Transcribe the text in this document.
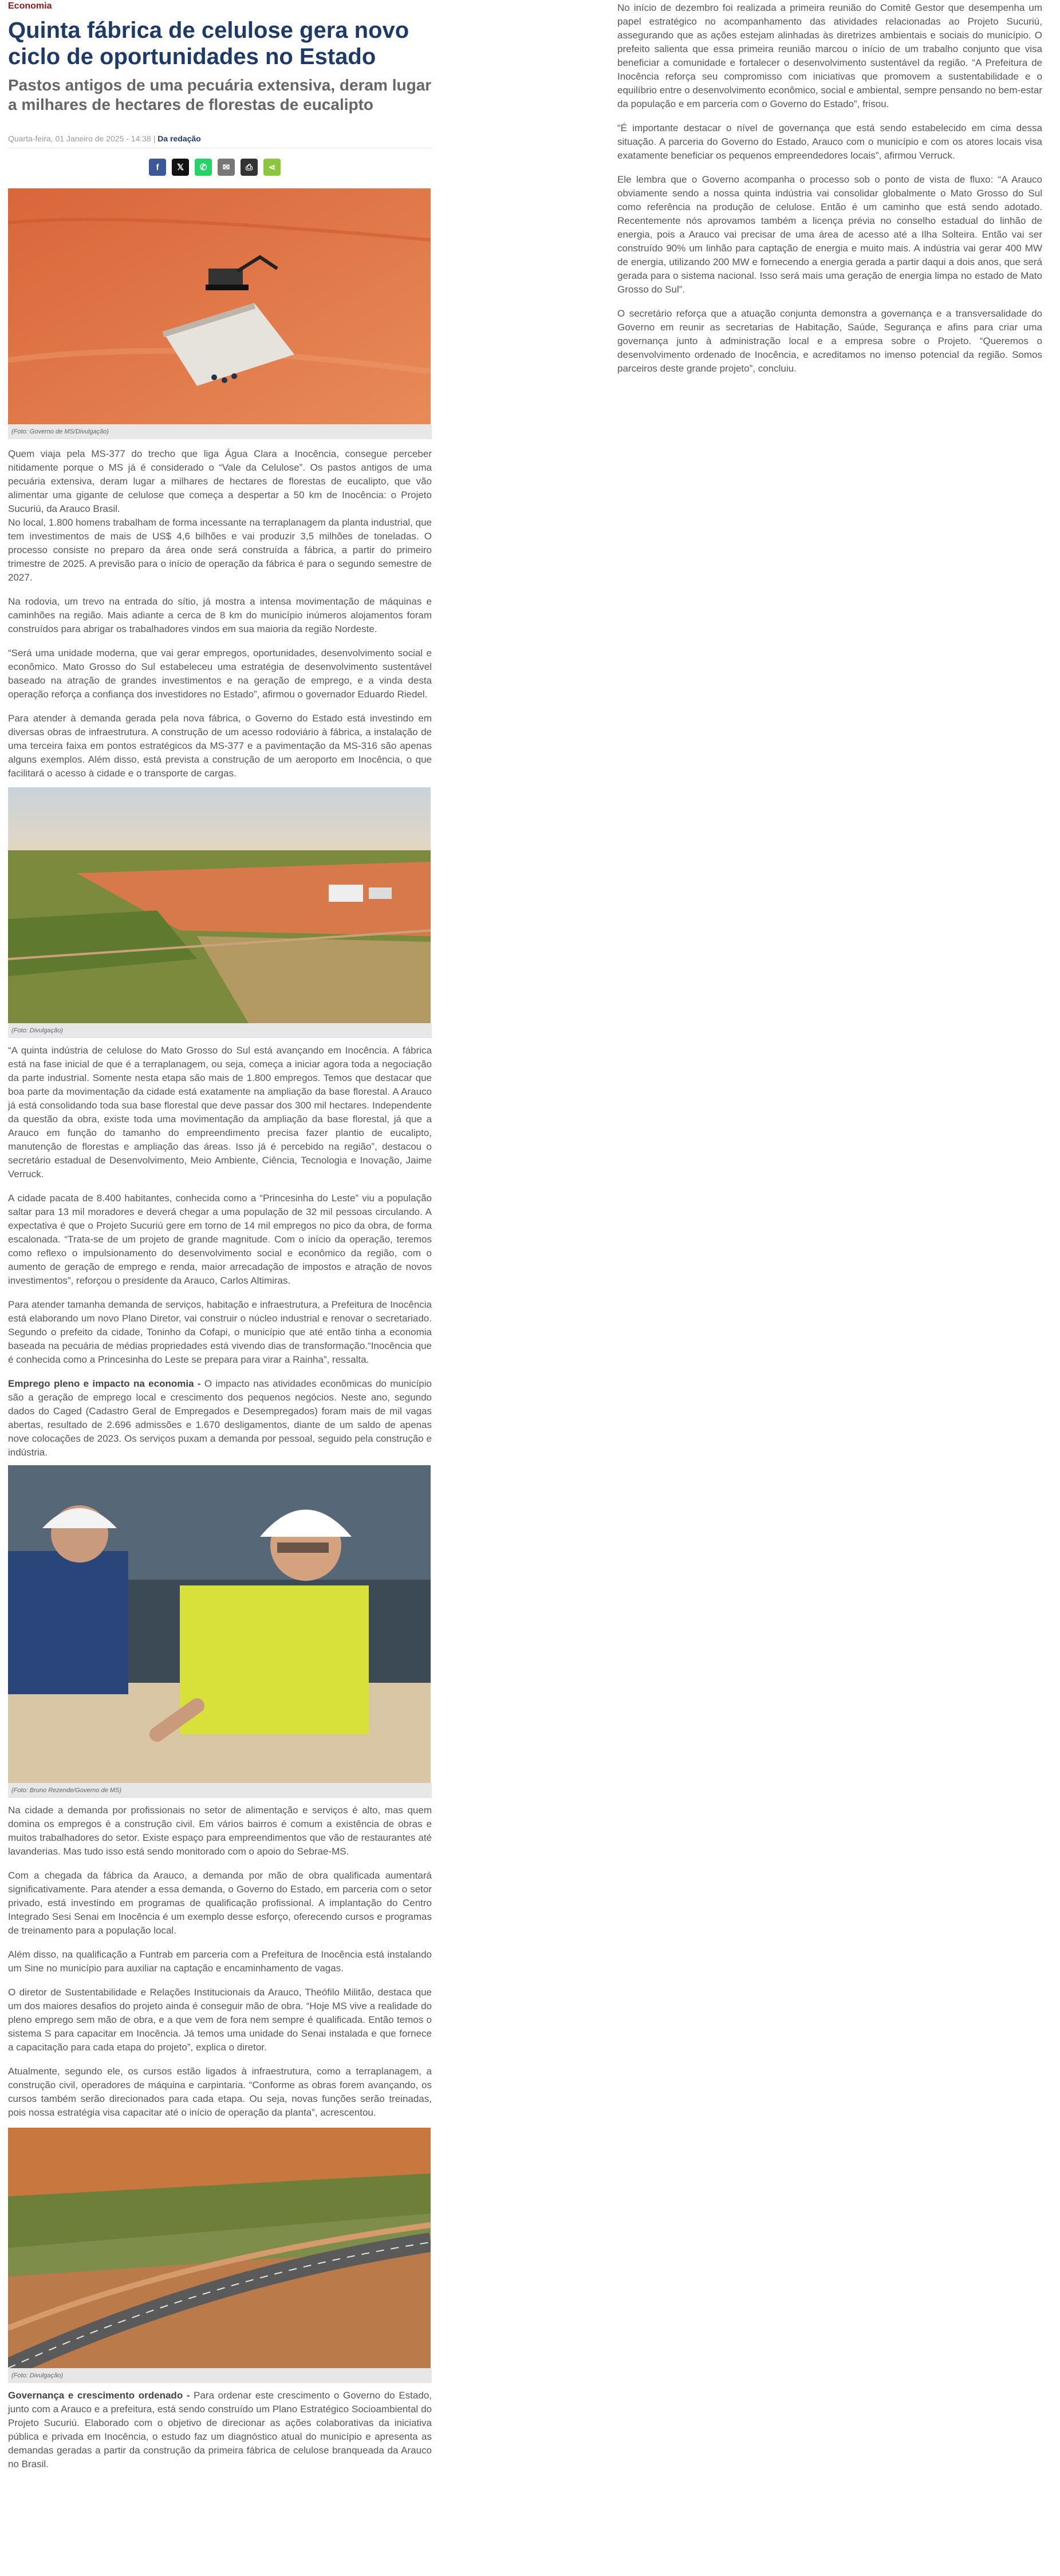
Economia
Quinta fábrica de celulose gera novo ciclo de oportunidades no Estado
Pastos antigos de uma pecuária extensiva, deram lugar a milhares de hectares de florestas de eucalipto
Quarta-feira, 01 Janeiro de 2025 - 14:38 | Da redação
f	𝕏	✆	✉	⎙	⋖
(Foto: Governo de MS/Divulgação)

Quem viaja pela MS-377 do trecho que liga Água Clara a Inocência, consegue perceber nitidamente porque o MS já é considerado o “Vale da Celulose”. Os pastos antigos de uma pecuária extensiva, deram lugar a milhares de hectares de florestas de eucalipto, que vão alimentar uma gigante de celulose que começa a despertar a 50 km de Inocência: o Projeto Sucuriú, da Arauco Brasil.

No local, 1.800 homens trabalham de forma incessante na terraplanagem da planta industrial, que tem investimentos de mais de US$ 4,6 bilhões e vai produzir 3,5 milhões de toneladas. O processo consiste no preparo da área onde será construída a fábrica, a partir do primeiro trimestre de 2025. A previsão para o início de operação da fábrica é para o segundo semestre de 2027.

Na rodovia, um trevo na entrada do sítio, já mostra a intensa movimentação de máquinas e caminhões na região. Mais adiante a cerca de 8 km do município inúmeros alojamentos foram construídos para abrigar os trabalhadores vindos em sua maioria da região Nordeste.

“Será uma unidade moderna, que vai gerar empregos, oportunidades, desenvolvimento social e econômico. Mato Grosso do Sul estabeleceu uma estratégia de desenvolvimento sustentável baseado na atração de grandes investimentos e na geração de emprego, e a vinda desta operação reforça a confiança dos investidores no Estado”, afirmou o governador Eduardo Riedel.

Para atender à demanda gerada pela nova fábrica, o Governo do Estado está investindo em diversas obras de infraestrutura. A construção de um acesso rodoviário à fábrica, a instalação de uma terceira faixa em pontos estratégicos da MS-377 e a pavimentação da MS-316 são apenas alguns exemplos. Além disso, está prevista a construção de um aeroporto em Inocência, o que facilitará o acesso à cidade e o transporte de cargas.

(Foto: Divulgação)

“A quinta indústria de celulose do Mato Grosso do Sul está avançando em Inocência. A fábrica está na fase inicial de que é a terraplanagem, ou seja, começa a iniciar agora toda a negociação da parte industrial. Somente nesta etapa são mais de 1.800 empregos. Temos que destacar que boa parte da movimentação da cidade está exatamente na ampliação da base florestal. A Arauco já está consolidando toda sua base florestal que deve passar dos 300 mil hectares. Independente da questão da obra, existe toda uma movimentação da ampliação da base florestal, já que a Arauco em função do tamanho do empreendimento precisa fazer plantio de eucalipto, manutenção de florestas e ampliação das áreas. Isso já é percebido na região”, destacou o secretário estadual de Desenvolvimento, Meio Ambiente, Ciência, Tecnologia e Inovação, Jaime Verruck.

A cidade pacata de 8.400 habitantes, conhecida como a “Princesinha do Leste” viu a população saltar para 13 mil moradores e deverá chegar a uma população de 32 mil pessoas circulando. A expectativa é que o Projeto Sucuriú gere em torno de 14 mil empregos no pico da obra, de forma escalonada. “Trata-se de um projeto de grande magnitude. Com o início da operação, teremos como reflexo o impulsionamento do desenvolvimento social e econômico da região, com o aumento de geração de emprego e renda, maior arrecadação de impostos e atração de novos investimentos”, reforçou o presidente da Arauco, Carlos Altimiras.

Para atender tamanha demanda de serviços, habitação e infraestrutura, a Prefeitura de Inocência está elaborando um novo Plano Diretor, vai construir o núcleo industrial e renovar o secretariado. Segundo o prefeito da cidade, Toninho da Cofapi, o município que até então tinha a economia baseada na pecuária de médias propriedades está vivendo dias de transformação.“Inocência que é conhecida como a Princesinha do Leste se prepara para virar a Rainha”, ressalta.

Emprego pleno e impacto na economia - O impacto nas atividades econômicas do município são a geração de emprego local e crescimento dos pequenos negócios. Neste ano, segundo dados do Caged (Cadastro Geral de Empregados e Desempregados) foram mais de mil vagas abertas, resultado de 2.696 admissões e 1.670 desligamentos, diante de um saldo de apenas nove colocações de 2023. Os serviços puxam a demanda por pessoal, seguido pela construção e indústria.

(Foto: Bruno Rezende/Governo de MS)

Na cidade a demanda por profissionais no setor de alimentação e serviços é alto, mas quem domina os empregos é a construção civil. Em vários bairros é comum a existência de obras e muitos trabalhadores do setor. Existe espaço para empreendimentos que vão de restaurantes até lavanderias. Mas tudo isso está sendo monitorado com o apoio do Sebrae-MS.

Com a chegada da fábrica da Arauco, a demanda por mão de obra qualificada aumentará significativamente. Para atender a essa demanda, o Governo do Estado, em parceria com o setor privado, está investindo em programas de qualificação profissional. A implantação do Centro Integrado Sesi Senai em Inocência é um exemplo desse esforço, oferecendo cursos e programas de treinamento para a população local.

Além disso, na qualificação a Funtrab em parceria com a Prefeitura de Inocência está instalando um Sine no município para auxiliar na captação e encaminhamento de vagas.

O diretor de Sustentabilidade e Relações Institucionais da Arauco, Theófilo Militão, destaca que um dos maiores desafios do projeto ainda é conseguir mão de obra. “Hoje MS vive a realidade do pleno emprego sem mão de obra, e a que vem de fora nem sempre é qualificada. Então temos o sistema S para capacitar em Inocência. Já temos uma unidade do Senai instalada e que fornece a capacitação para cada etapa do projeto”, explica o diretor.

Atualmente, segundo ele, os cursos estão ligados à infraestrutura, como a terraplanagem, a construção civil, operadores de máquina e carpintaria. “Conforme as obras forem avançando, os cursos também serão direcionados para cada etapa. Ou seja, novas funções serão treinadas, pois nossa estratégia visa capacitar até o início de operação da planta”, acrescentou.

(Foto: Divulgação)

Governança e crescimento ordenado - Para ordenar este crescimento o Governo do Estado, junto com a Arauco e a prefeitura, está sendo construído um Plano Estratégico Socioambiental do Projeto Sucuriú. Elaborado com o objetivo de direcionar as ações colaborativas da iniciativa pública e privada em Inocência, o estudo faz um diagnóstico atual do município e apresenta as demandas geradas a partir da construção da primeira fábrica de celulose branqueada da Arauco no Brasil.

No início de dezembro foi realizada a primeira reunião do Comitê Gestor que desempenha um papel estratégico no acompanhamento das atividades relacionadas ao Projeto Sucuriú, assegurando que as ações estejam alinhadas às diretrizes ambientais e sociais do município. O prefeito salienta que essa primeira reunião marcou o início de um trabalho conjunto que visa beneficiar a comunidade e fortalecer o desenvolvimento sustentável da região. “A Prefeitura de Inocência reforça seu compromisso com iniciativas que promovem a sustentabilidade e o equilíbrio entre o desenvolvimento econômico, social e ambiental, sempre pensando no bem-estar da população e em parceria com o Governo do Estado”, frisou.

“É importante destacar o nível de governança que está sendo estabelecido em cima dessa situação. A parceria do Governo do Estado, Arauco com o município e com os atores locais visa exatamente beneficiar os pequenos empreendedores locais”, afirmou Verruck.

Ele lembra que o Governo acompanha o processo sob o ponto de vista de fluxo: “A Arauco obviamente sendo a nossa quinta indústria vai consolidar globalmente o Mato Grosso do Sul como referência na produção de celulose. Então é um caminho que está sendo adotado. Recentemente nós aprovamos também a licença prévia no conselho estadual do linhão de energia, pois a Arauco vai precisar de uma área de acesso até a Ilha Solteira. Então vai ser construído 90% um linhão para captação de energia e muito mais. A indústria vai gerar 400 MW de energia, utilizando 200 MW e fornecendo a energia gerada a partir daqui a dois anos, que será gerada para o sistema nacional. Isso será mais uma geração de energia limpa no estado de Mato Grosso do Sul”.

O secretário reforça que a atuação conjunta demonstra a governança e a transversalidade do Governo em reunir as secretarias de Habitação, Saúde, Segurança e afins para criar uma governança junto à administração local e a empresa sobre o Projeto. “Queremos o desenvolvimento ordenado de Inocência, e acreditamos no imenso potencial da região. Somos parceiros deste grande projeto”, concluiu.
